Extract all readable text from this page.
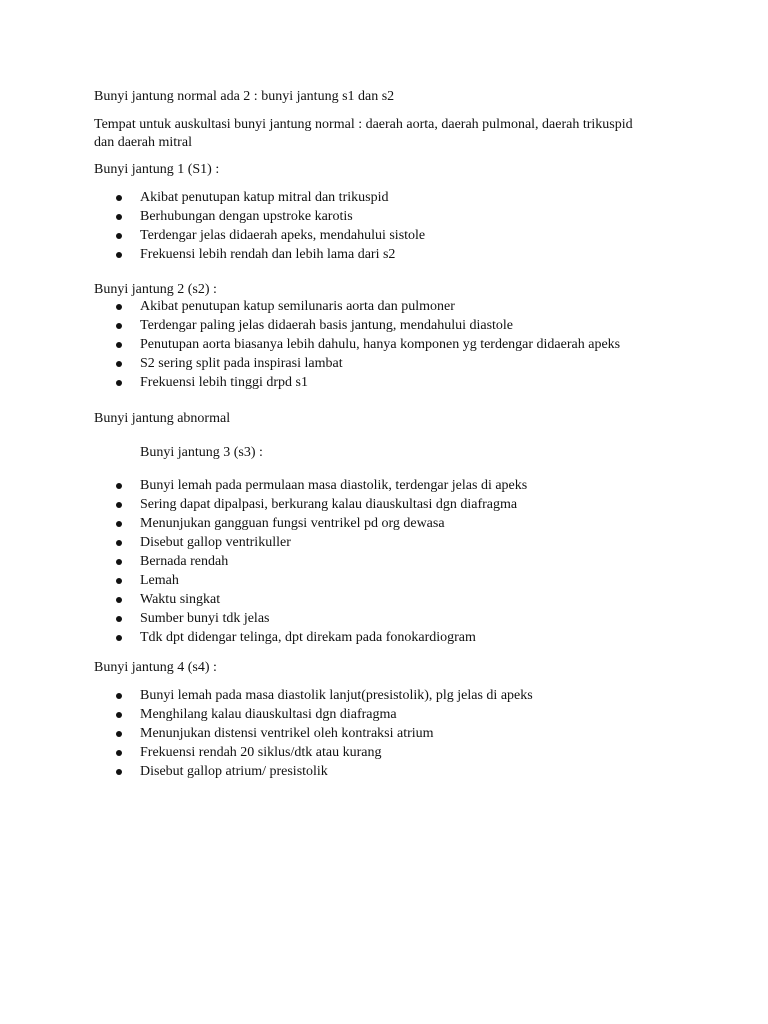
Bunyi jantung normal ada 2 : bunyi jantung s1 dan s2

Tempat untuk auskultasi bunyi jantung normal : daerah aorta, daerah pulmonal, daerah trikuspid dan daerah mitral

Bunyi jantung 1 (S1) :

Akibat penutupan katup mitral dan trikuspid
Berhubungan dengan upstroke karotis
Terdengar jelas didaerah apeks, mendahului sistole
Frekuensi lebih rendah dan lebih lama dari s2

Bunyi jantung 2 (s2) :

Akibat penutupan katup semilunaris aorta dan pulmoner
Terdengar paling jelas didaerah basis jantung, mendahului diastole
Penutupan aorta biasanya lebih dahulu, hanya komponen yg terdengar didaerah apeks
S2 sering split pada inspirasi lambat
Frekuensi lebih tinggi drpd s1

Bunyi jantung abnormal

Bunyi jantung 3 (s3) :

Bunyi lemah pada permulaan masa diastolik, terdengar jelas di apeks
Sering dapat dipalpasi, berkurang kalau diauskultasi dgn diafragma
Menunjukan gangguan fungsi ventrikel pd org dewasa
Disebut gallop ventrikuller
Bernada rendah
Lemah
Waktu singkat
Sumber bunyi tdk jelas
Tdk dpt didengar telinga, dpt direkam pada fonokardiogram

Bunyi jantung 4 (s4) :

Bunyi lemah pada masa diastolik lanjut(presistolik), plg jelas di apeks
Menghilang kalau diauskultasi dgn diafragma
Menunjukan distensi ventrikel oleh kontraksi atrium
Frekuensi rendah 20 siklus/dtk atau kurang
Disebut gallop atrium/ presistolik
